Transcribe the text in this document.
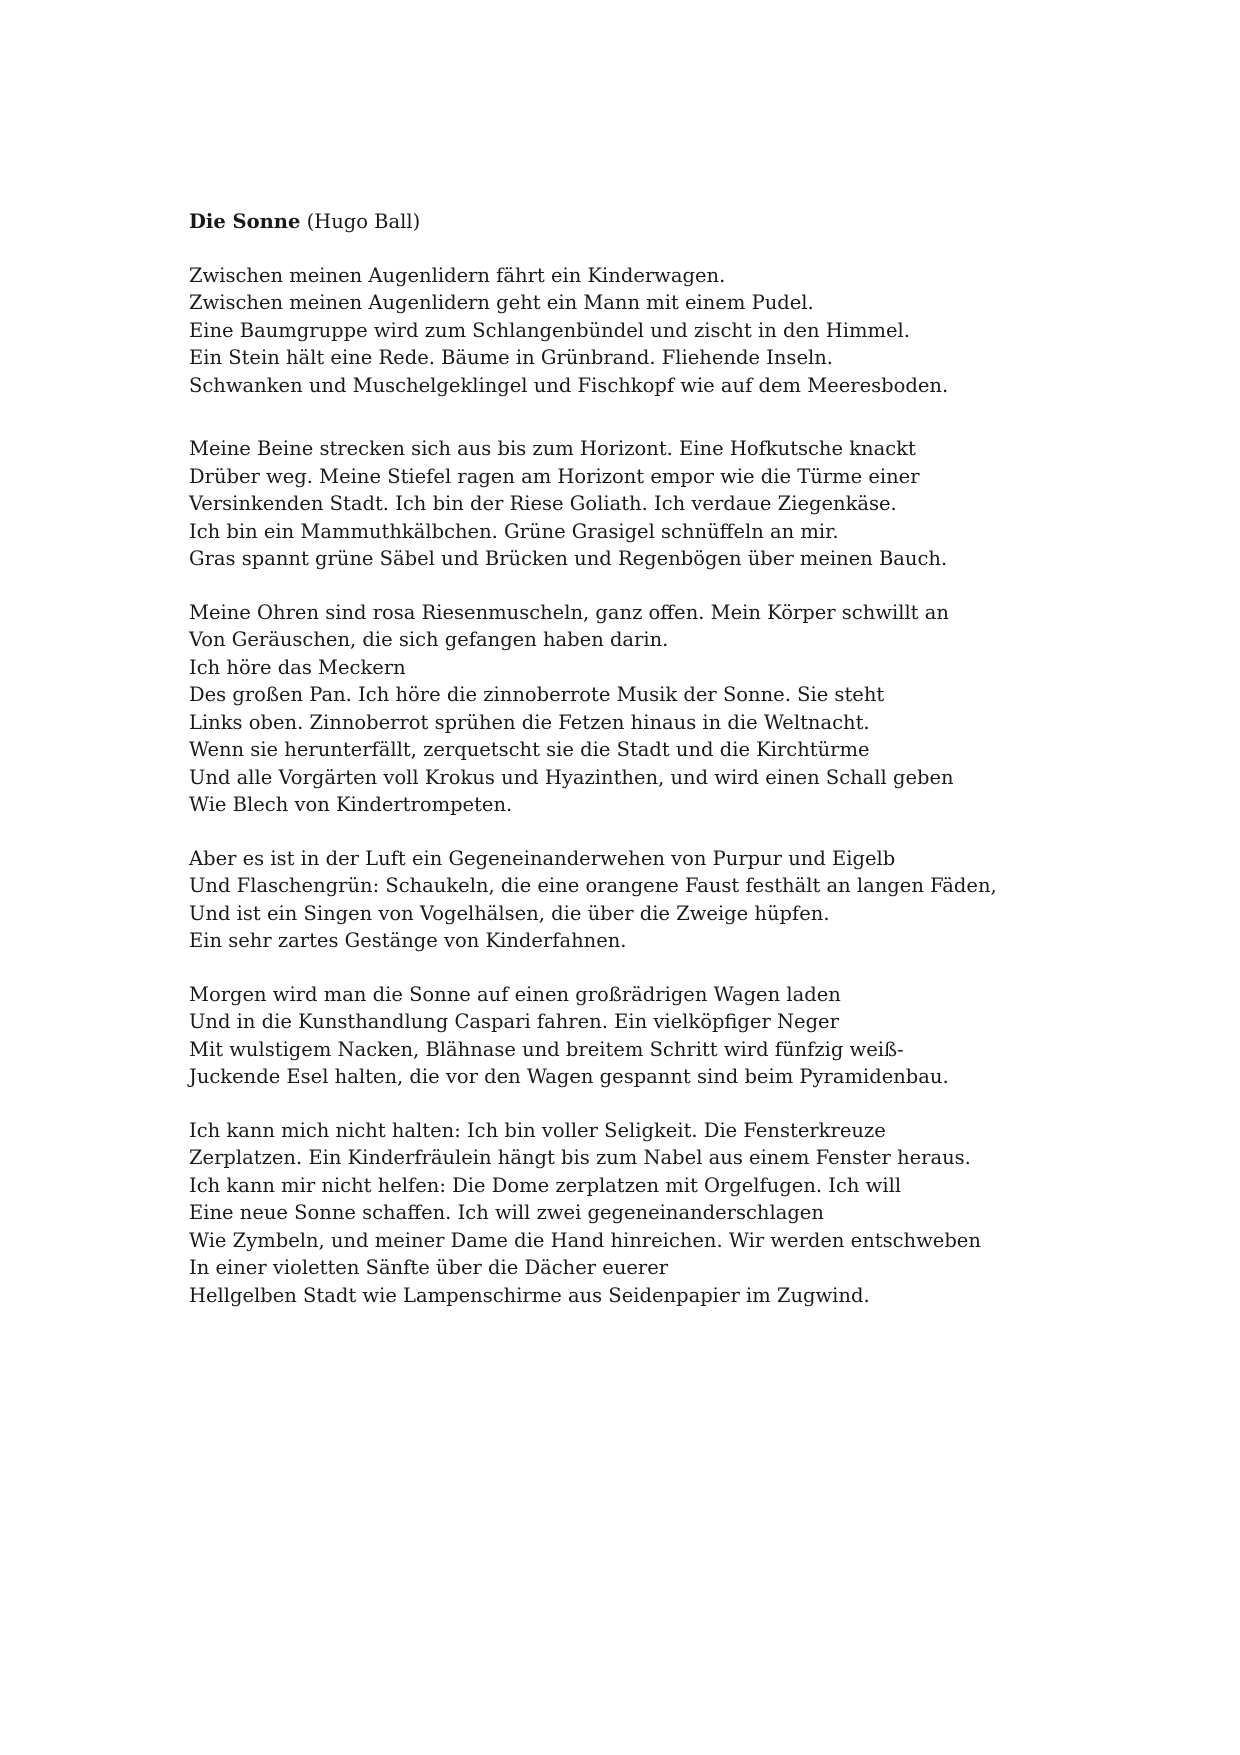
Die Sonne (Hugo Ball)
Zwischen meinen Augenlidern fährt ein Kinderwagen.
Zwischen meinen Augenlidern geht ein Mann mit einem Pudel.
Eine Baumgruppe wird zum Schlangenbündel und zischt in den Himmel.
Ein Stein hält eine Rede. Bäume in Grünbrand. Fliehende Inseln.
Schwanken und Muschelgeklingel und Fischkopf wie auf dem Meeresboden.
Meine Beine strecken sich aus bis zum Horizont. Eine Hofkutsche knackt
Drüber weg. Meine Stiefel ragen am Horizont empor wie die Türme einer
Versinkenden Stadt. Ich bin der Riese Goliath. Ich verdaue Ziegenkäse.
Ich bin ein Mammuthkälbchen. Grüne Grasigel schnüffeln an mir.
Gras spannt grüne Säbel und Brücken und Regenbögen über meinen Bauch.
Meine Ohren sind rosa Riesenmuscheln, ganz offen. Mein Körper schwillt an
Von Geräuschen, die sich gefangen haben darin.
Ich höre das Meckern
Des großen Pan. Ich höre die zinnoberrote Musik der Sonne. Sie steht
Links oben. Zinnoberrot sprühen die Fetzen hinaus in die Weltnacht.
Wenn sie herunterfällt, zerquetscht sie die Stadt und die Kirchtürme
Und alle Vorgärten voll Krokus und Hyazinthen, und wird einen Schall geben
Wie Blech von Kindertrompeten.
Aber es ist in der Luft ein Gegeneinanderwehen von Purpur und Eigelb
Und Flaschengrün: Schaukeln, die eine orangene Faust festhält an langen Fäden,
Und ist ein Singen von Vogelhälsen, die über die Zweige hüpfen.
Ein sehr zartes Gestänge von Kinderfahnen.
Morgen wird man die Sonne auf einen großrädrigen Wagen laden
Und in die Kunsthandlung Caspari fahren. Ein vielköpfiger Neger
Mit wulstigem Nacken, Blähnase und breitem Schritt wird fünfzig weiß-
Juckende Esel halten, die vor den Wagen gespannt sind beim Pyramidenbau.
Ich kann mich nicht halten: Ich bin voller Seligkeit. Die Fensterkreuze
Zerplatzen. Ein Kinderfräulein hängt bis zum Nabel aus einem Fenster heraus.
Ich kann mir nicht helfen: Die Dome zerplatzen mit Orgelfugen. Ich will
Eine neue Sonne schaffen. Ich will zwei gegeneinanderschlagen
Wie Zymbeln, und meiner Dame die Hand hinreichen. Wir werden entschweben
In einer violetten Sänfte über die Dächer euerer
Hellgelben Stadt wie Lampenschirme aus Seidenpapier im Zugwind.
